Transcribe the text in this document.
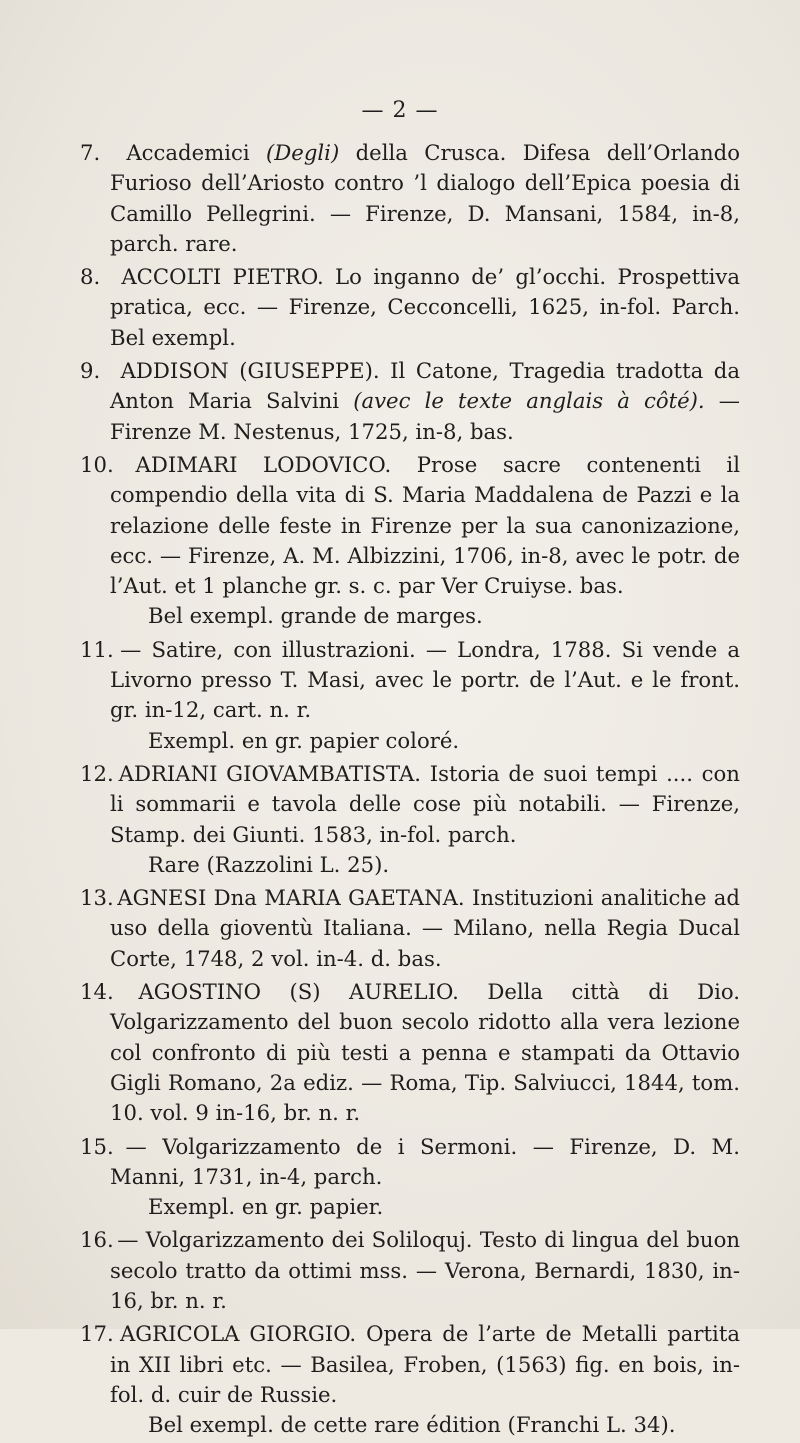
— 2 —

7. Accademici (Degli) della Crusca. Difesa dell’Orlando Furioso dell’Ariosto contro ’l dialogo dell’Epica poesia di Camillo Pellegrini. — Firenze, D. Mansani, 1584, in-8, parch. rare.

8. ACCOLTI PIETRO. Lo inganno de’ gl’occhi. Prospettiva pratica, ecc. — Firenze, Cecconcelli, 1625, in-fol. Parch. Bel exempl.

9. ADDISON (GIUSEPPE). Il Catone, Tragedia tradotta da Anton Maria Salvini (avec le texte anglais à côté). — Firenze M. Nestenus, 1725, in-8, bas.

10. ADIMARI LODOVICO. Prose sacre contenenti il compendio della vita di S. Maria Maddalena de Pazzi e la relazione delle feste in Firenze per la sua canonizazione, ecc. — Firenze, A. M. Albizzini, 1706, in-8, avec le potr. de l’Aut. et 1 planche gr. s. c. par Ver Cruiyse. bas.
Bel exempl. grande de marges.

11. — Satire, con illustrazioni. — Londra, 1788. Si vende a Livorno presso T. Masi, avec le portr. de l’Aut. e le front. gr. in-12, cart. n. r.
Exempl. en gr. papier coloré.

12. ADRIANI GIOVAMBATISTA. Istoria de suoi tempi .... con li sommarii e tavola delle cose più notabili. — Firenze, Stamp. dei Giunti. 1583, in-fol. parch.
Rare (Razzolini L. 25).

13. AGNESI Dna MARIA GAETANA. Instituzioni analitiche ad uso della gioventù Italiana. — Milano, nella Regia Ducal Corte, 1748, 2 vol. in-4. d. bas.

14. AGOSTINO (S) AURELIO. Della città di Dio. Volgarizzamento del buon secolo ridotto alla vera lezione col confronto di più testi a penna e stampati da Ottavio Gigli Romano, 2a ediz. — Roma, Tip. Salviucci, 1844, tom. 10. vol. 9 in-16, br. n. r.

15. — Volgarizzamento de i Sermoni. — Firenze, D. M. Manni, 1731, in-4, parch.
Exempl. en gr. papier.

16. — Volgarizzamento dei Soliloquj. Testo di lingua del buon secolo tratto da ottimi mss. — Verona, Bernardi, 1830, in-16, br. n. r.

17. AGRICOLA GIORGIO. Opera de l’arte de Metalli partita in XII libri etc. — Basilea, Froben, (1563) fig. en bois, in-fol. d. cuir de Russie.
Bel exempl. de cette rare édition (Franchi L. 34).
